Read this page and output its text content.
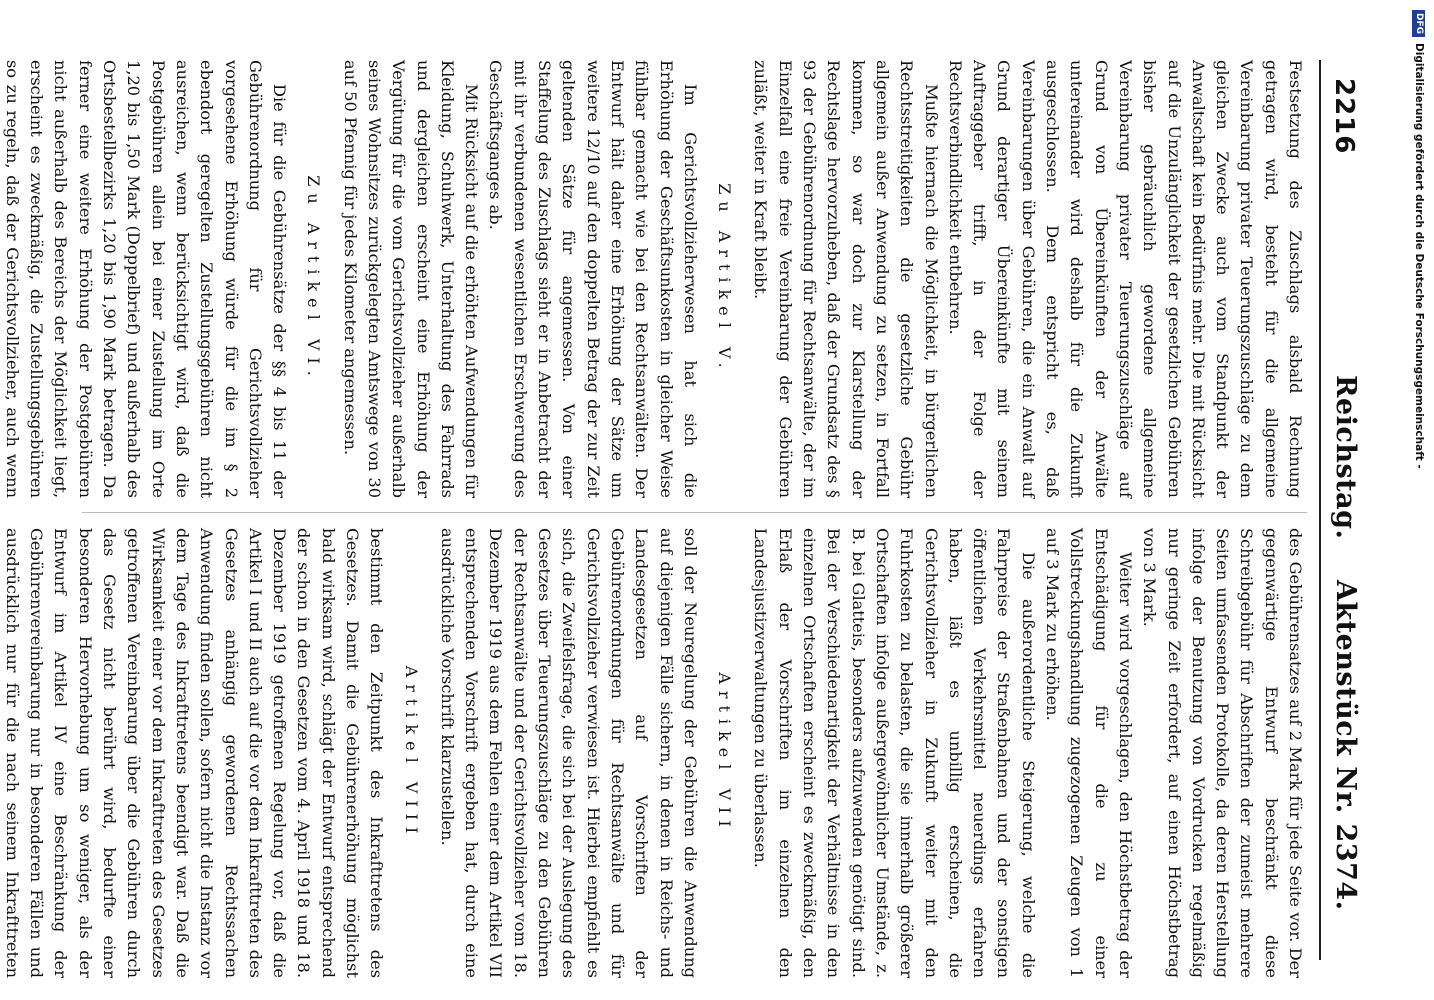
2216
Reichstag.
Aktenstück Nr. 2374.

Festsetzung des Zuschlags alsbald Rechnung getragen wird, besteht für die allgemeine Vereinbarung privater Teuerungszuschläge zu dem gleichen Zwecke auch vom Standpunkt der Anwaltschaft kein Bedürfnis mehr. Die mit Rücksicht auf die Unzulänglichkeit der gesetzlichen Gebühren bisher gebräuchlich gewordene allgemeine Vereinbarung privater Teuerungszuschläge auf Grund von Übereinkünften der Anwälte untereinander wird deshalb für die Zukunft ausgeschlossen. Dem entspricht es, daß Vereinbarungen über Gebühren, die ein Anwalt auf Grund derartiger Übereinkünfte mit seinem Auftraggeber trifft, in der Folge der Rechtsverbindlichkeit entbehren.

Mußte hiernach die Möglichkeit, in bürgerlichen Rechtsstreitigkeiten die gesetzliche Gebühr allgemein außer Anwendung zu setzen, in Fortfall kommen, so war doch zur Klarstellung der Rechtslage hervorzuheben, daß der Grundsatz des § 93 der Gebührenordnung für Rechtsanwälte, der im Einzelfall eine freie Vereinbarung der Gebühren zuläßt, weiter in Kraft bleibt.

Zu Artikel V.

Im Gerichtsvollzieherwesen hat sich die Erhöhung der Geschäftsunkosten in gleicher Weise fühlbar gemacht wie bei den Rechtsanwälten. Der Entwurf hält daher eine Erhöhung der Sätze um weitere 12/10 auf den doppelten Betrag der zur Zeit geltenden Sätze für angemessen. Von einer Staffelung des Zuschlags sieht er in Anbetracht der mit ihr verbundenen wesentlichen Erschwerung des Geschäftsganges ab.

Mit Rücksicht auf die erhöhten Aufwendungen für Kleidung, Schuhwerk, Unterhaltung des Fahrrads und dergleichen erscheint eine Erhöhung der Vergütung für die vom Gerichtsvollzieher außerhalb seines Wohnsitzes zurückgelegten Amtswege von 30 auf 50 Pfennig für jedes Kilometer angemessen.

Zu Artikel VI.

Die für die Gebührensätze der §§ 4 bis 11 der Gebührenordnung für Gerichtsvollzieher vorgesehene Erhöhung würde für die im § 2 ebendort geregelten Zustellungsgebühren nicht ausreichen, wenn berücksichtigt wird, daß die Postgebühren allein bei einer Zustellung im Orte 1,20 bis 1,50 Mark (Doppelbrief) und außerhalb des Ortsbestellbezirks 1,20 bis 1,90 Mark betragen. Da ferner eine weitere Erhöhung der Postgebühren nicht außerhalb des Bereichs der Möglichkeit liegt, erscheint es zweckmäßig, die Zustellungsgebühren so zu regeln, daß der Gerichtsvollzieher, auch wenn

des Gebührensatzes auf 2 Mark für jede Seite vor. Der gegenwärtige Entwurf beschränkt diese Schreibgebühr für Abschriften der zumeist mehrere Seiten umfassenden Protokolle, da deren Herstellung infolge der Benutzung von Vordrucken regelmäßig nur geringe Zeit erfordert, auf einen Höchstbetrag von 3 Mark.

Weiter wird vorgeschlagen, den Höchstbetrag der Entschädigung für die zu einer Vollstreckungshandlung zugezogenen Zeugen von 1 auf 3 Mark zu erhöhen.

Die außerordentliche Steigerung, welche die Fahrpreise der Straßenbahnen und der sonstigen öffentlichen Verkehrsmittel neuerdings erfahren haben, läßt es unbillig erscheinen, die Gerichtsvollzieher in Zukunft weiter mit den Fuhrkosten zu belasten, die sie innerhalb größerer Ortschaften infolge außergewöhnlicher Umstände, z. B. bei Glatteis, besonders aufzuwenden genötigt sind. Bei der Verschiedenartigkeit der Verhältnisse in den einzelnen Ortschaften erscheint es zweckmäßig, den Erlaß der Vorschriften im einzelnen den Landesjustizverwaltungen zu überlassen.

Artikel VII

soll der Neuregelung der Gebühren die Anwendung auf diejenigen Fälle sichern, in denen in Reichs- und Landesgesetzen auf Vorschriften der Gebührenordnungen für Rechtsanwälte und für Gerichtsvollzieher verwiesen ist. Hierbei empfiehlt es sich, die Zweifelsfrage, die sich bei der Auslegung des Gesetzes über Teuerungszuschläge zu den Gebühren der Rechtsanwälte und der Gerichtsvollzieher vom 18. Dezember 1919 aus dem Fehlen einer dem Artikel VII entsprechenden Vorschrift ergeben hat, durch eine ausdrückliche Vorschrift klarzustellen.

Artikel VIII

bestimmt den Zeitpunkt des Inkrafttretens des Gesetzes. Damit die Gebührenerhöhung möglichst bald wirksam wird, schlägt der Entwurf entsprechend der schon in den Gesetzen vom 4. April 1918 und 18. Dezember 1919 getroffenen Regelung vor, daß die Artikel I und II auch auf die vor dem Inkrafttreten des Gesetzes anhängig gewordenen Rechtssachen Anwendung finden sollen, sofern nicht die Instanz vor dem Tage des Inkrafttretens beendigt war. Daß die Wirksamkeit einer vor dem Inkrafttreten des Gesetzes getroffenen Vereinbarung über die Gebühren durch das Gesetz nicht berührt wird, bedurfte einer besonderen Hervorhebung um so weniger, als der Entwurf im Artikel IV eine Beschränkung der Gebührenvereinbarung nur in besonderen Fällen und ausdrücklich nur für die nach seinem Inkrafttreten

DFGDigitalisierung gefördert durch die Deutsche Forschungsgemeinschaft -
